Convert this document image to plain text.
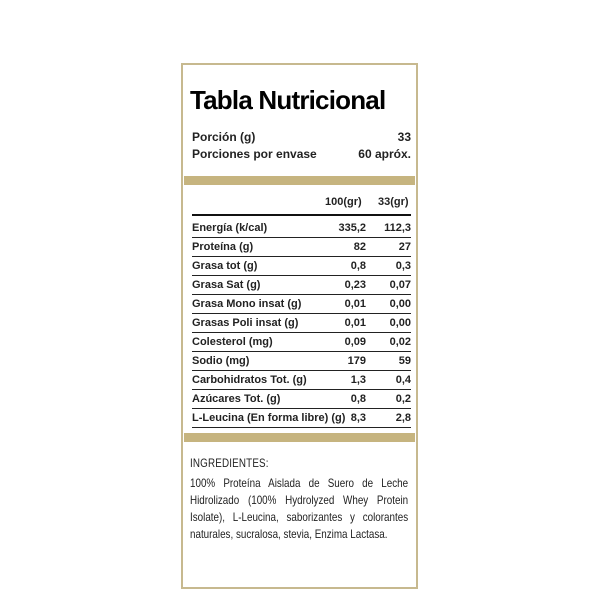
Tabla Nutricional
Porción (g)	33
Porciones por envase	60 apróx.
100(gr) 33(gr)
Energía (k/cal)	335,2 112,3
Proteína (g)	82	27
Grasa tot (g)	0,8	0,3
Grasa Sat (g)	0,23 0,07
Grasa Mono insat (g)	0,01 0,00
Grasas Poli insat (g)	0,01 0,00
Colesterol (mg)	0,09 0,02
Sodio (mg)	179	59
Carbohidratos Tot. (g)	1,3	0,4
Azúcares Tot. (g)	0,8	0,2
L-Leucina (En forma libre) (g) 8,3	2,8
INGREDIENTES:
100% Proteína Aislada de Suero de Leche Hidrolizado (100% Hydrolyzed Whey Protein Isolate), L-Leucina, saborizantes y colorantes naturales, sucralosa, stevia, Enzima Lactasa.
